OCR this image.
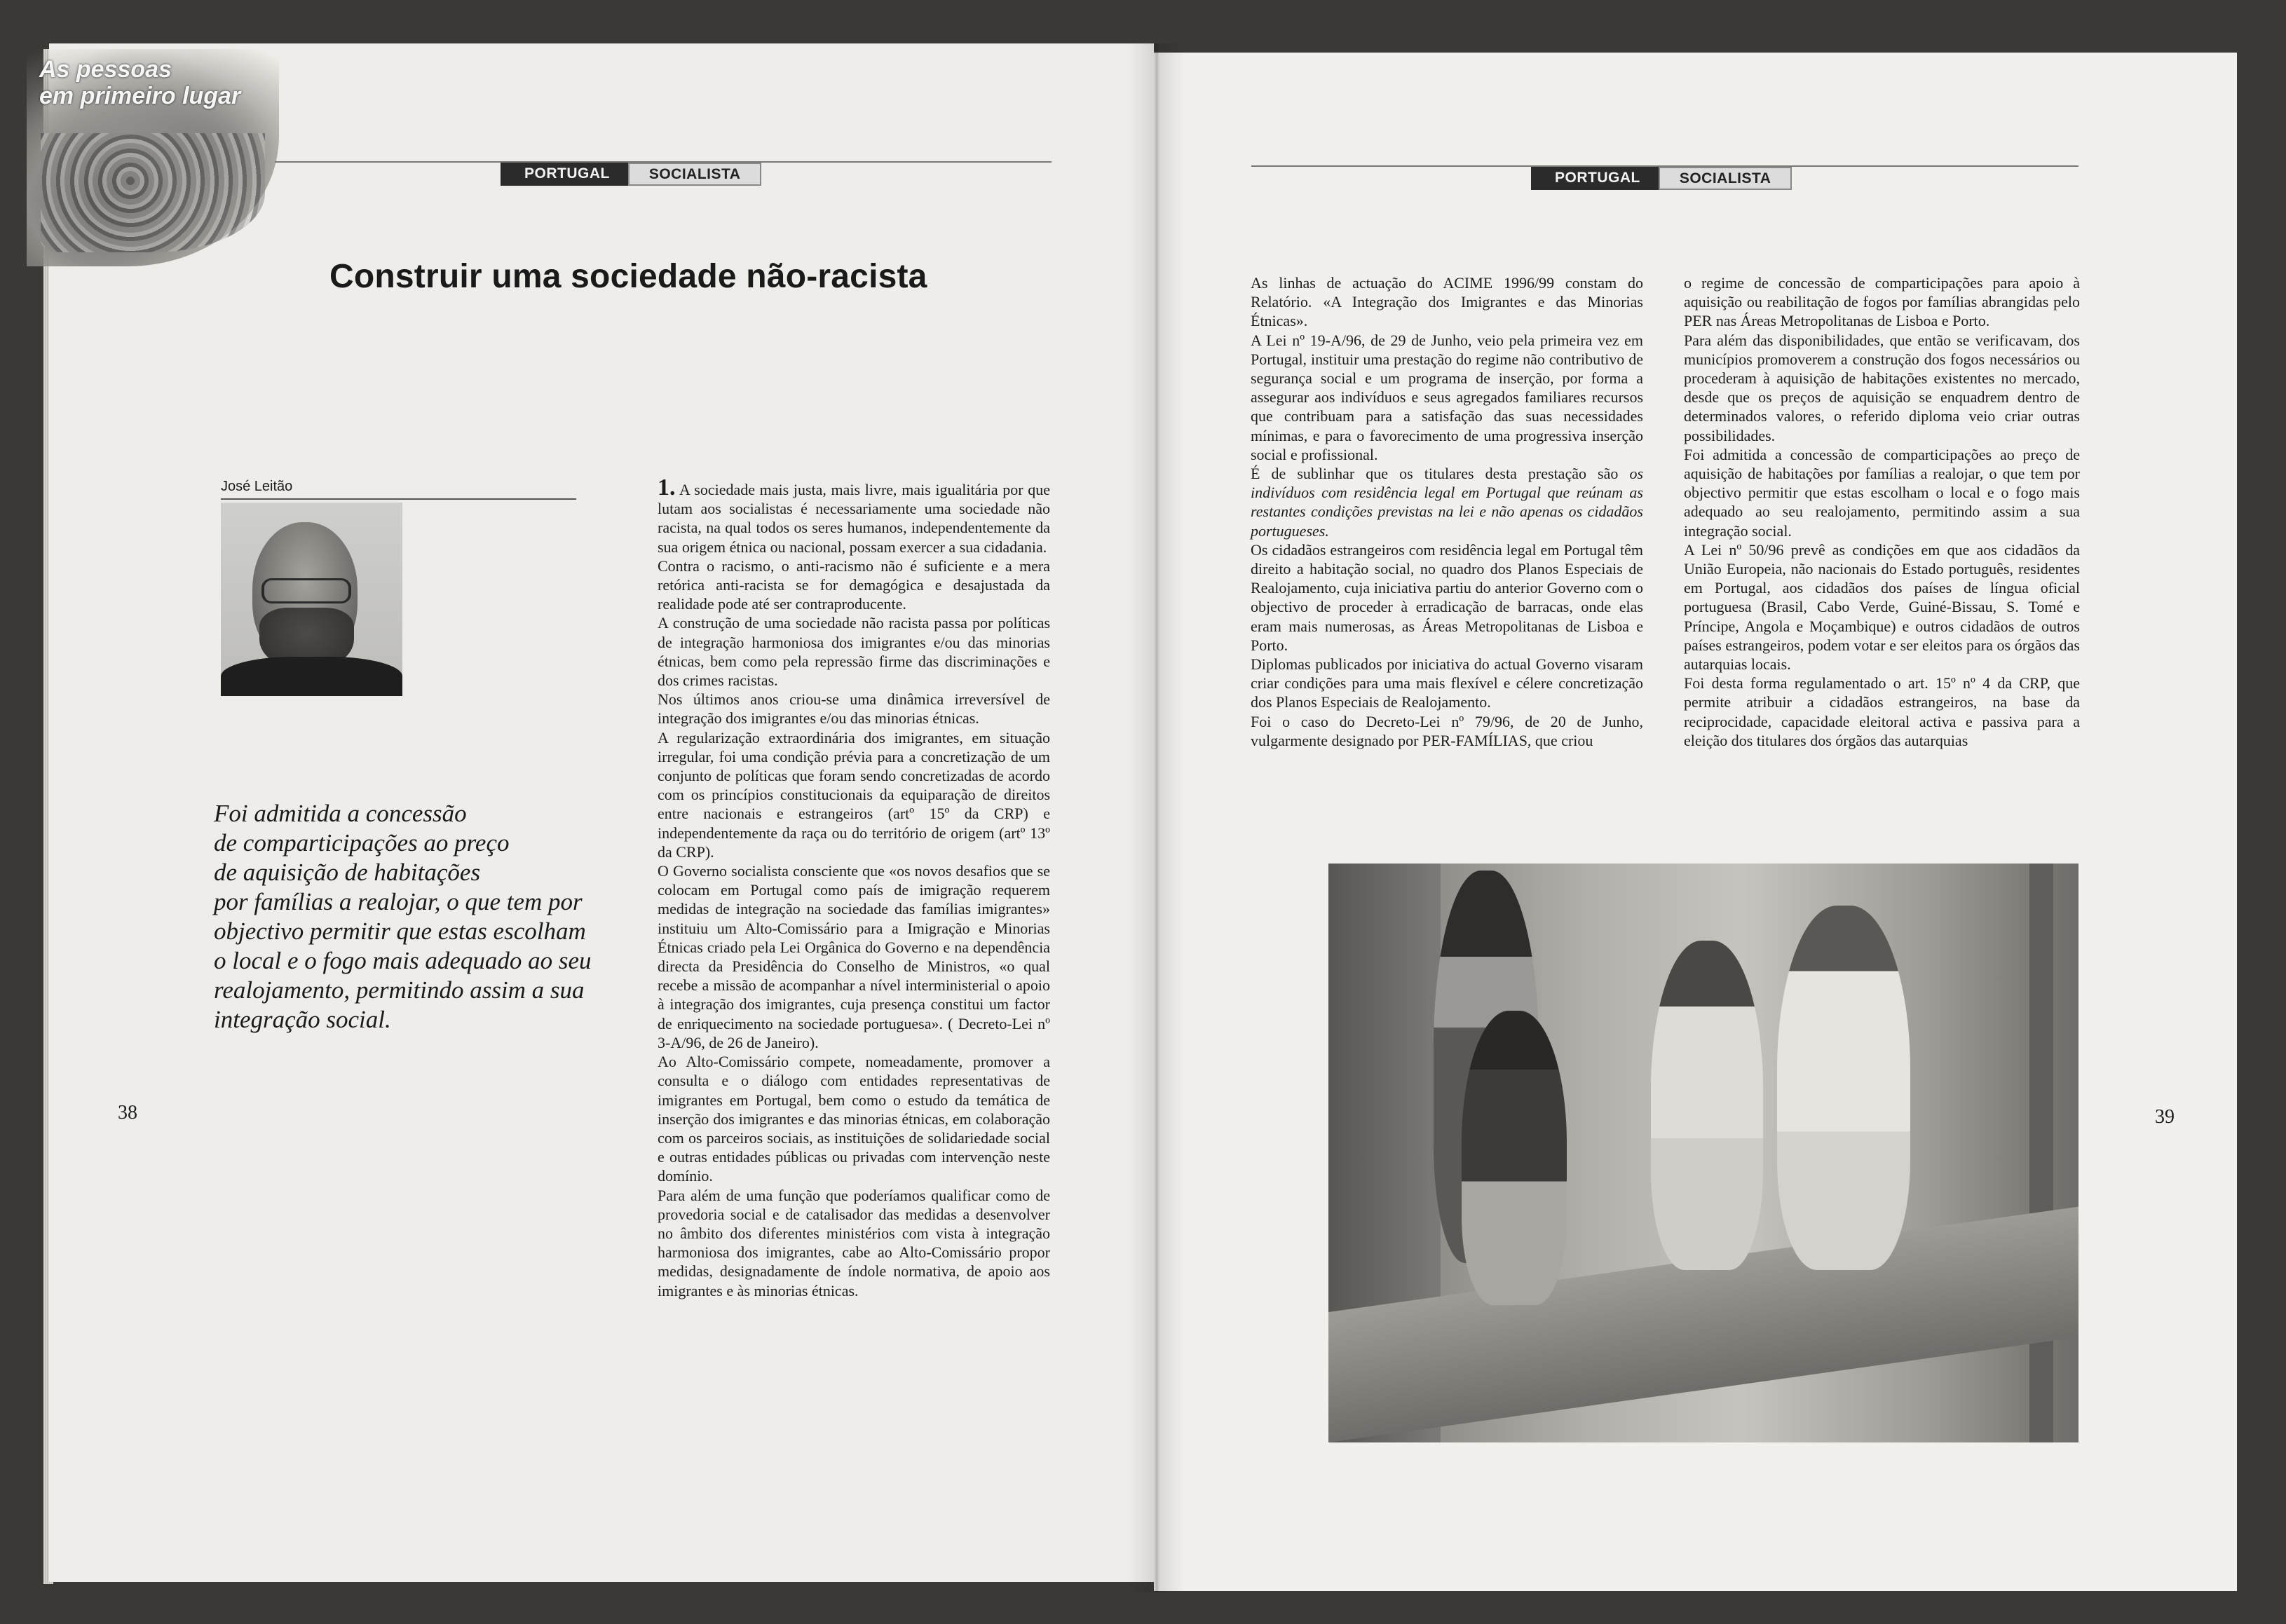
As pessoas
em primeiro lugar
PORTUGAL	SOCIALISTA
Construir uma sociedade não-racista
José Leitão
Foi admitida a concessão
de comparticipações ao preço
de aquisição de habitações
por famílias a realojar, o que tem por
objectivo permitir que estas escolham
o local e o fogo mais adequado ao seu
realojamento, permitindo assim a sua
integração social.
38

1. A sociedade mais justa, mais livre, mais igualitária por que lutam aos socialistas é necessariamente uma sociedade não racista, na qual todos os seres humanos, independentemente da sua origem étnica ou nacional, possam exercer a sua cidadania.

Contra o racismo, o anti-racismo não é suficiente e a mera retórica anti-racista se for demagógica e desajustada da realidade pode até ser contraproducente.

A construção de uma sociedade não racista passa por políticas de integração harmoniosa dos imigrantes e/ou das minorias étnicas, bem como pela repressão firme das discriminações e dos crimes racistas.

Nos últimos anos criou-se uma dinâmica irreversível de integração dos imigrantes e/ou das minorias étnicas.

A regularização extraordinária dos imigrantes, em situação irregular, foi uma condição prévia para a concretização de um conjunto de políticas que foram sendo concretizadas de acordo com os princípios constitucionais da equiparação de direitos entre nacionais e estrangeiros (artº 15º da CRP) e independentemente da raça ou do território de origem (artº 13º da CRP).

O Governo socialista consciente que «os novos desafios que se colocam em Portugal como país de imigração requerem medidas de integração na sociedade das famílias imigrantes» instituiu um Alto-Comissário para a Imigração e Minorias Étnicas criado pela Lei Orgânica do Governo e na dependência directa da Presidência do Conselho de Ministros, «o qual recebe a missão de acompanhar a nível interministerial o apoio à integração dos imigrantes, cuja presença constitui um factor de enriquecimento na sociedade portuguesa». ( Decreto-Lei nº 3-A/96, de 26 de Janeiro).

Ao Alto-Comissário compete, nomeadamente, promover a consulta e o diálogo com entidades representativas de imigrantes em Portugal, bem como o estudo da temática de inserção dos imigrantes e das minorias étnicas, em colaboração com os parceiros sociais, as instituições de solidariedade social e outras entidades públicas ou privadas com intervenção neste domínio.

Para além de uma função que poderíamos qualificar como de provedoria social e de catalisador das medidas a desenvolver no âmbito dos diferentes ministérios com vista à integração harmoniosa dos imigrantes, cabe ao Alto-Comissário propor medidas, designadamente de índole normativa, de apoio aos imigrantes e às minorias étnicas.

PORTUGAL	SOCIALISTA

As linhas de actuação do ACIME 1996/99 constam do Relatório. «A Integração dos Imigrantes e das Minorias Étnicas».

A Lei nº 19-A/96, de 29 de Junho, veio pela primeira vez em Portugal, instituir uma prestação do regime não contributivo de segurança social e um programa de inserção, por forma a assegurar aos indivíduos e seus agregados familiares recursos que contribuam para a satisfação das suas necessidades mínimas, e para o favorecimento de uma progressiva inserção social e profissional.

É de sublinhar que os titulares desta prestação são os indivíduos com residência legal em Portugal que reúnam as restantes condições previstas na lei e não apenas os cidadãos portugueses.

Os cidadãos estrangeiros com residência legal em Portugal têm direito a habitação social, no quadro dos Planos Especiais de Realojamento, cuja iniciativa partiu do anterior Governo com o objectivo de proceder à erradicação de barracas, onde elas eram mais numerosas, as Áreas Metropolitanas de Lisboa e Porto.

Diplomas publicados por iniciativa do actual Governo visaram criar condições para uma mais flexível e célere concretização dos Planos Especiais de Realojamento.

Foi o caso do Decreto-Lei nº 79/96, de 20 de Junho, vulgarmente designado por PER-FAMÍLIAS, que criou

o regime de concessão de comparticipações para apoio à aquisição ou reabilitação de fogos por famílias abrangidas pelo PER nas Áreas Metropolitanas de Lisboa e Porto.

Para além das disponibilidades, que então se verificavam, dos municípios promoverem a construção dos fogos necessários ou procederam à aquisição de habitações existentes no mercado, desde que os preços de aquisição se enquadrem dentro de determinados valores, o referido diploma veio criar outras possibilidades.

Foi admitida a concessão de comparticipações ao preço de aquisição de habitações por famílias a realojar, o que tem por objectivo permitir que estas escolham o local e o fogo mais adequado ao seu realojamento, permitindo assim a sua integração social.

A Lei nº 50/96 prevê as condições em que aos cidadãos da União Europeia, não nacionais do Estado português, residentes em Portugal, aos cidadãos dos países de língua oficial portuguesa (Brasil, Cabo Verde, Guiné-Bissau, S. Tomé e Príncipe, Angola e Moçambique) e outros cidadãos de outros países estrangeiros, podem votar e ser eleitos para os órgãos das autarquias locais.

Foi desta forma regulamentado o art. 15º nº 4 da CRP, que permite atribuir a cidadãos estrangeiros, na base da reciprocidade, capacidade eleitoral activa e passiva para a eleição dos titulares dos órgãos das autarquias

39
